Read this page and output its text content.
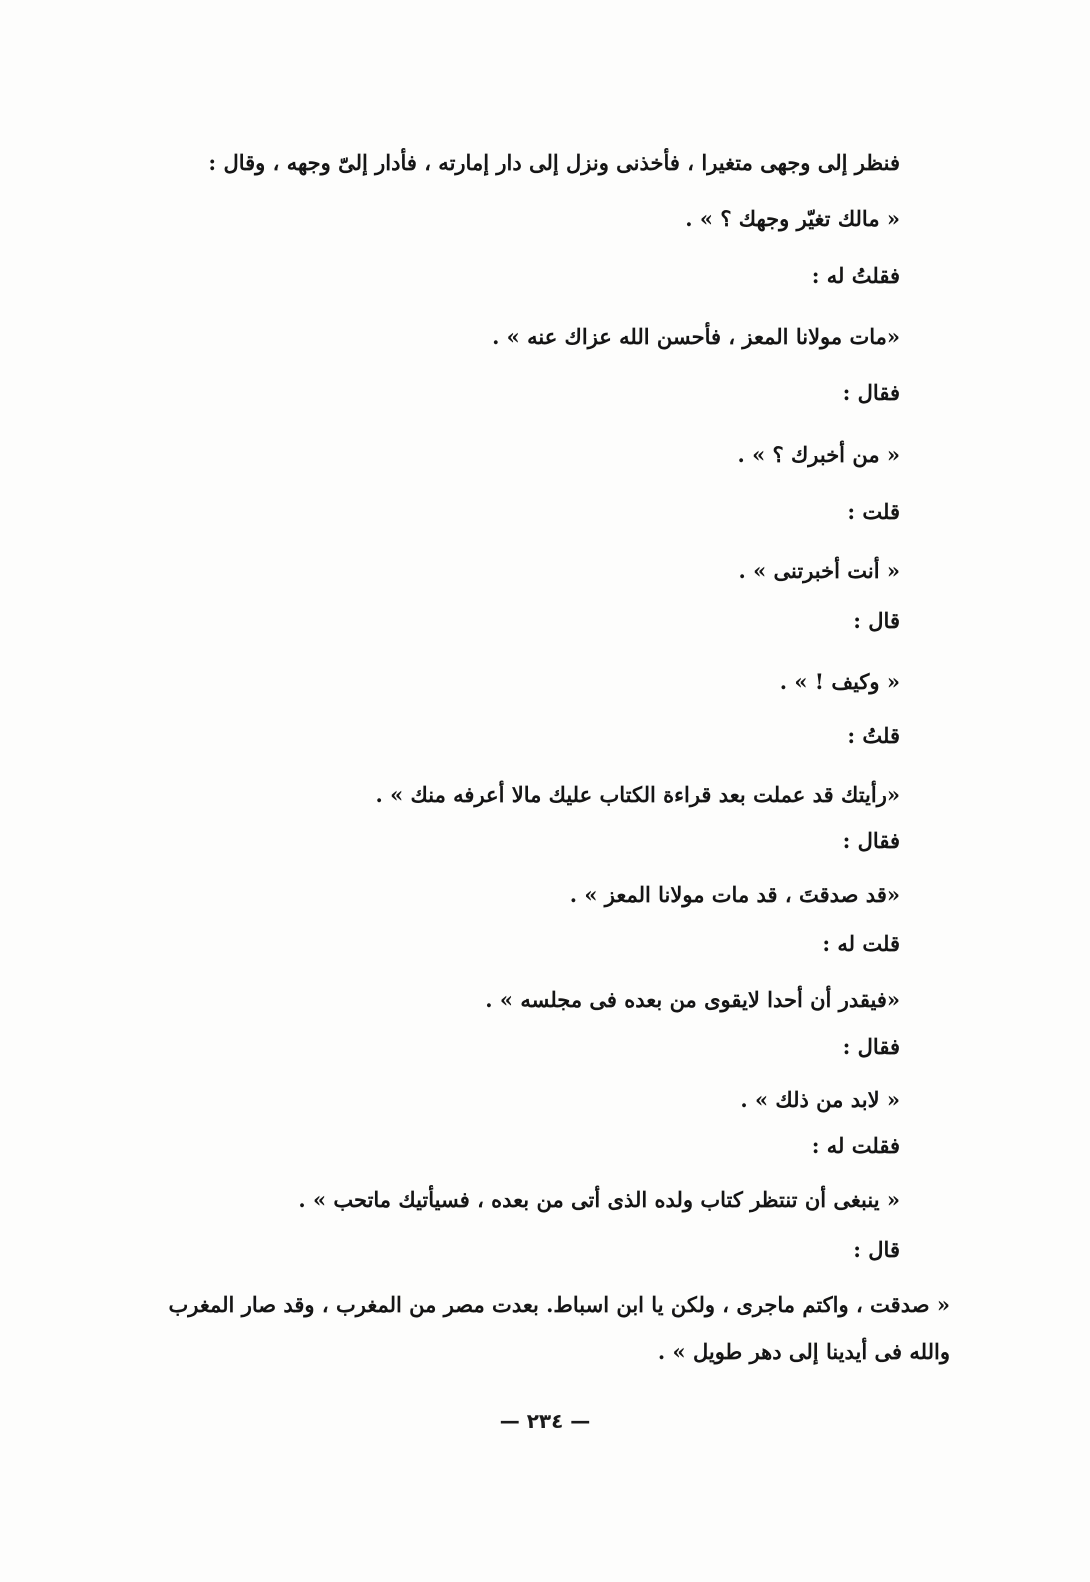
فنظر إلى وجهى متغيرا ، فأخذنى ونزل إلى دار إمارته ، فأدار إلىّ وجهه ، وقال :
« مالك تغيّر وجهك ؟ » .
فقلتُ له :
«مات مولانا المعز ، فأحسن الله عزاك عنه » .
فقال :
« من أخبرك ؟ » .
قلت :
« أنت أخبرتنى » .
قال :
« وكيف ! » .
قلتُ :
«رأيتك قد عملت بعد قراءة الكتاب عليك مالا أعرفه منك » .
فقال :
«قد صدقتَ ، قد مات مولانا المعز » .
قلت له :
«فيقدر أن أحدا لايقوى من بعده فى مجلسه » .
فقال :
« لابد من ذلك » .
فقلت له :
« ينبغى أن تنتظر كتاب ولده الذى أتى من بعده ، فسيأتيك ماتحب » .
قال :
« صدقت ، واكتم ماجرى ، ولكن يا ابن اسباط. بعدت مصر من المغرب ، وقد صار المغرب
والله فى أيدينا إلى دهر طويل » .
— ٢٣٤ —
